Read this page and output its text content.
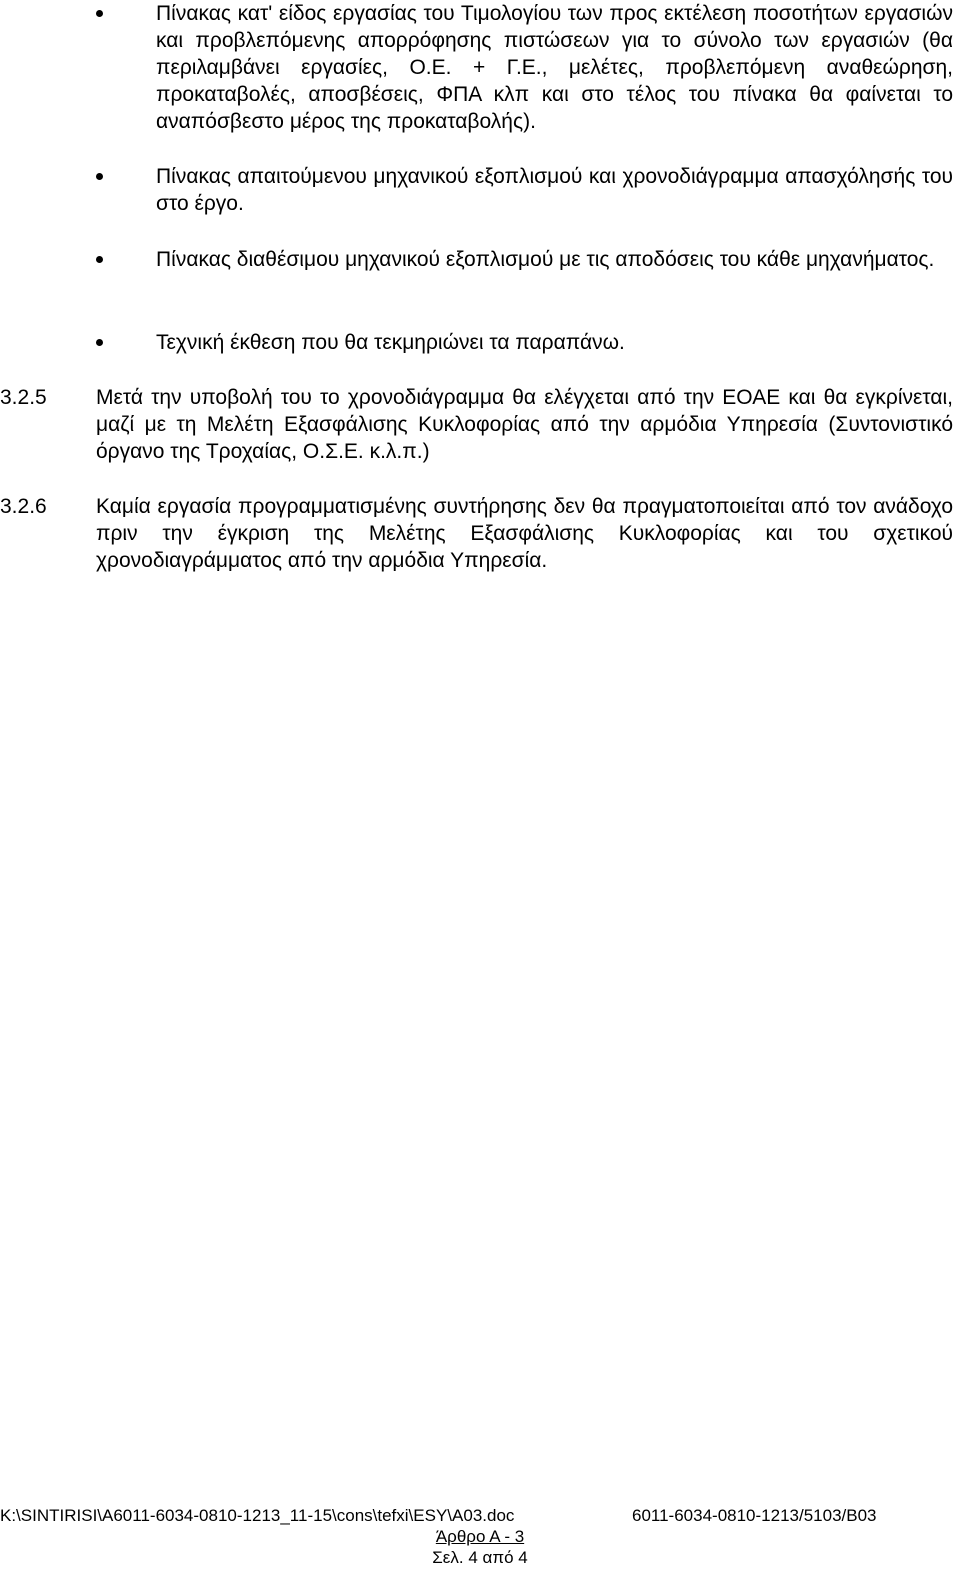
Πίνακας κατ' είδος εργασίας του Τιμολογίου των προς εκτέλεση ποσοτήτων εργασιών και προβλεπόμενης απορρόφησης πιστώσεων για το σύνολο των εργασιών (θα περιλαμβάνει εργασίες, Ο.Ε. + Γ.Ε., μελέτες, προβλεπόμενη αναθεώρηση, προκαταβολές, αποσβέσεις, ΦΠΑ κλπ και στο τέλος του πίνακα θα φαίνεται το αναπόσβεστο μέρος της προκαταβολής).

Πίνακας απαιτούμενου μηχανικού εξοπλισμού και χρονοδιάγραμμα απασχόλησής του στο έργο.

Πίνακας διαθέσιμου μηχανικού εξοπλισμού με τις αποδόσεις του κάθε μηχανήματος.

Τεχνική έκθεση που θα τεκμηριώνει τα παραπάνω.

3.2.5	Μετά την υποβολή του το χρονοδιάγραμμα θα ελέγχεται από την ΕΟΑΕ και θα εγκρίνεται, μαζί με τη Μελέτη Εξασφάλισης Κυκλοφορίας από την αρμόδια Υπηρεσία (Συντονιστικό όργανο της Τροχαίας, Ο.Σ.Ε. κ.λ.π.)

3.2.6	Καμία εργασία προγραμματισμένης συντήρησης δεν θα πραγματοποιείται από τον ανάδοχο πριν την έγκριση της Μελέτης Εξασφάλισης Κυκλοφορίας και του σχετικού χρονοδιαγράμματος από την αρμόδια Υπηρεσία.

K:\SINTIRISI\A6011-6034-0810-1213_11-15\cons\tefxi\ESY\A03.doc	6011-6034-0810-1213/5103/B03
Άρθρο Α - 3
Σελ. 4 από 4
